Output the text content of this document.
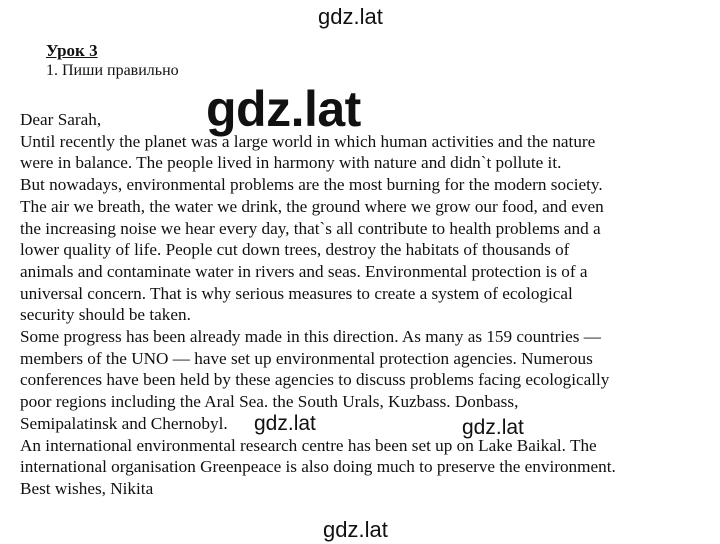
gdz.lat
Урок 3
1. Пиши правильно
Dear Sarah,
Until recently the planet was a large world in which human activities and the nature
were in balance. The people lived in harmony with nature and didn`t pollute it.
But nowadays, environmental problems are the most burning for the modern society.
The air we breath, the water we drink, the ground where we grow our food, and even
the increasing noise we hear every day, that`s all contribute to health problems and a
lower quality of life. People cut down trees, destroy the habitats of thousands of
animals and contaminate water in rivers and seas. Environmental protection is of a
universal concern. That is why serious measures to create a system of ecological
security should be taken.
Some progress has been already made in this direction. As many as 159 countries —
members of the UNO — have set up environmental protection agencies. Numerous
conferences have been held by these agencies to discuss problems facing ecologically
poor regions including the Aral Sea. the South Urals, Kuzbass. Donbass,
Semipalatinsk and Chernobyl.
An international environmental research centre has been set up on Lake Baikal. The
international organisation Greenpeace is also doing much to preserve the environment.
Best wishes, Nikita
gdz.lat
gdz.lat	gdz.lat
gdz.lat
